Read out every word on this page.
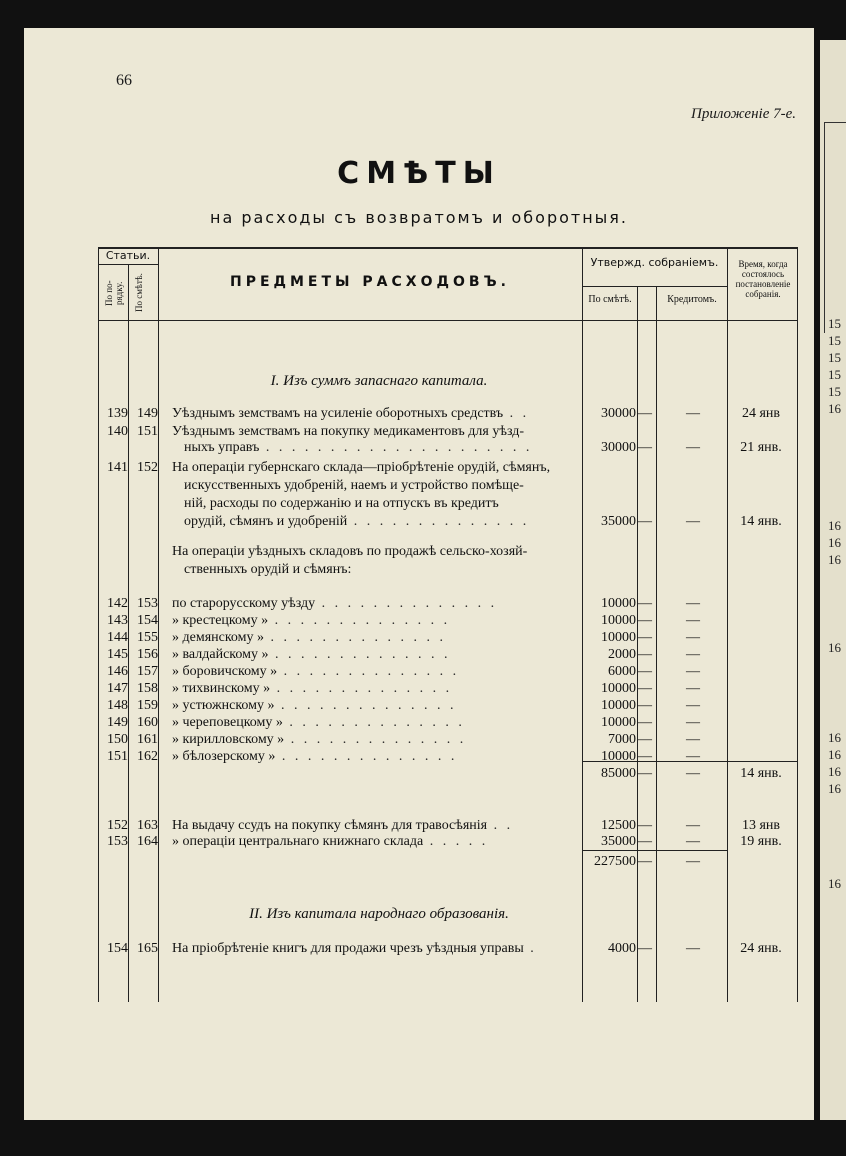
66
Приложеніе 7-е.
СМѢТЫ
на расходы съ возвратомъ и оборотныя.
Статьи.
По по-рядку. По смѣтѣ.	ПРЕДМЕТЫ РАСХОДОВЪ.
Утвержд. собраніемъ.
По смѣтѣ.	Кредитомъ.
Время, когда состоялось постановленіе собранія.
I. Изъ суммъ запаснаго капитала.
II. Изъ капитала народнаго образованія.
139 149 Уѣзднымъ земствамъ на усиленіе оборотныхъ средствъ . .	30000 —	—	24 янв
140 151 Уѣзднымъ земствамъ на покупку медикаментовъ для уѣзд-
ныхъ управъ . . . . . . . . . . . . . . . . . . . . .	30000 —	—	21 янв.
141 152 На операціи губернскаго склада—пріобрѣтеніе орудій, сѣмянъ,
искусственныхъ удобреній, наемъ и устройство помѣще-
ній, расходы по содержанію и на отпускъ въ кредитъ
орудій, сѣмянъ и удобреній . . . . . . . . . . . . . .	35000 —	—	14 янв.
На операціи уѣздныхъ складовъ по продажѣ сельско-хозяй-
ственныхъ орудій и сѣмянъ:
142 153 по старорусскому уѣзду . . . . . . . . . . . . . .	10000 —	—
143 154 » крестецкому » . . . . . . . . . . . . . .	10000 —	—
144 155 » демянскому » . . . . . . . . . . . . . .	10000 —	—
145 156 » валдайскому » . . . . . . . . . . . . . .	2000 —	—
146 157 » боровичскому » . . . . . . . . . . . . . .	6000 —	—
147 158 » тихвинскому » . . . . . . . . . . . . . .	10000 —	—
148 159 » устюжнскому » . . . . . . . . . . . . . .	10000 —	—
149 160 » череповецкому » . . . . . . . . . . . . . .	10000 —	—
150 161 » кирилловскому » . . . . . . . . . . . . . .	7000 —	—
151 162 » бѣлозерскому » . . . . . . . . . . . . . .	10000 —	—
85000 —	—	14 янв.
152 163 На выдачу ссудъ на покупку сѣмянъ для травосѣянія . .	12500 —	—	13 янв
153 164 » операціи центральнаго книжнаго склада . . . . .	35000 —	—	19 янв.
227500 —	—
154 165 На пріобрѣтеніе книгъ для продажи чрезъ уѣздныя управы .	4000 —	—	24 янв.
15
15
15
15
15
16
16
16
16
16
16
16
16
16
16
